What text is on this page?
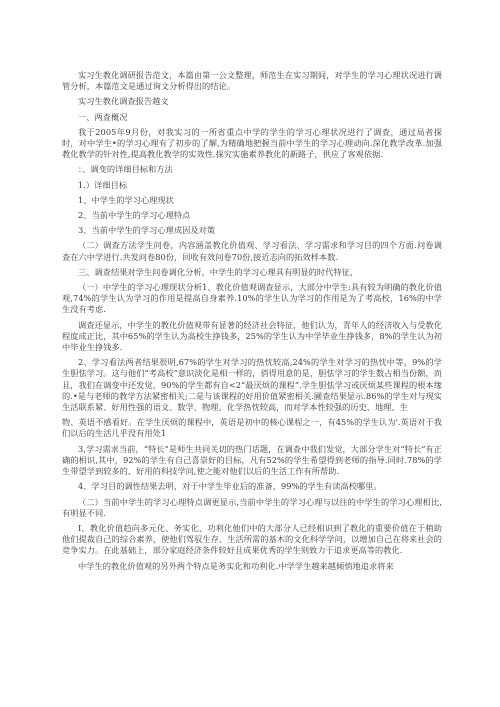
实习生教化调研报告范文，本篇由第一公文整理，师范生在实习期间，对学生的学习心理状况进行调管分析，本篇范文是通过询文分析得出的结论。

实习生教化调查报告越文

一、两查概况

我于2005年9月份，对我实习的一所省重点中学的学生的学习心理状况进行了调查，通过局者探时，对中学生•的学习心理有了初步的了解,为精确地把握当前中学生的学习心理动向.深化教学改革.加强教化教学的针对性,提高教化教学的实效性.探究实施素养教化的新路子，供应了客观依据.

：、调变的详细目标和方法

1.）详细目标

1、中学生的学习心理现状

2、当前中学生的学习心理特点

3、当前中学生的学习心理成因及对策

（二）调查方法学生问卷，内容涵盖教化价值观、学习看法、学习需求和学习目的四个方面.问卷调查在六中学进行.共发问卷80份，回收有效问卷70份,接近志向的拓效样本数.

三、调查结果对学生问卷调化分析，中学生的学习心理具有明显的时代特征，

（一）中学生的学习心理现状分析1、教化价值观调查显示，大部分中学生:具有较为明确的教化价值观,74%的学生认为学习的作用是提高自身素养.10%的学生认为学习的作用是为了考高校，16%的中学生没有考虑.

调查还显示，中学生的教化价值观带有显著的经济社会特征，他们认为，青年人的经济收入与受教化程度成正比，其中65%的学生认为高校生挣钱多，25%的学生认为中学毕业生挣钱多，8%的学生认为初中毕业生挣钱多.

2、学习看法两者结果很明,67%的学生对学习的热忱较高,24%的学生对学习的热忱中等，9%的学生胆怯学习。这与他们“考高校”意识淡化是相一样的，俏得用意的是，胆怯学习的学生数占相当份额，而且，我们在调变中还发觉，90%的学生都有自<2“最厌烦的课程”.学生胆怯学习或厌烦某些课程的根本缘的.•是与老师的教学方法紧密相关;二是与该课程的好用价值紧密相关.圃查结果显示.86%的学生对与现实生活联系紧、好用性强的语文、数学、物理、化学热忱较高，而对学本性较强的历史、地理、生

物、英语不感看好。在学生厌烦的课程中，英语是初中的核心课程之一，有45%的学生认为'.英语对于我们以后的生活几乎没有用处1

3,学习需求当前，“特长”是师生共同关切的热门话题，在调查中我们发觉，大部分学生对“特长”有正确的相识,其中，92%的学生有自己喜崇好的目标，凡有52%的学生希望得到老师的指导.同时.78%的学生带望学到较多的、好用的科技学问,使之能对他们以后的生活工作有所帮助.

4、学习目的调性结果去明，对于中学生毕业后的准备，99%的学生有读高校哪里。

（二）当前中学生的学习心理特点调更显示,当前中学生的学习心理与以往的中学生的学习心理相比,有明显不同.

I、教化价值趋向多元化、务实化、功利化他们中的大部分人已经相识到了教化的重要价值在于稍助他们提裁自己的综合素养，使他们驾驭生存、生活所需的基木的文化科学学问，以增加自己在将来社会的竞争实力。在此基础上，部分家庭经济条件较好且成果优秀的学生则致力于追求更高等的教化.

中学生的教化价值观的另外两个特点是务实化和功利化.中学学生越来越倾悄地追求将来
